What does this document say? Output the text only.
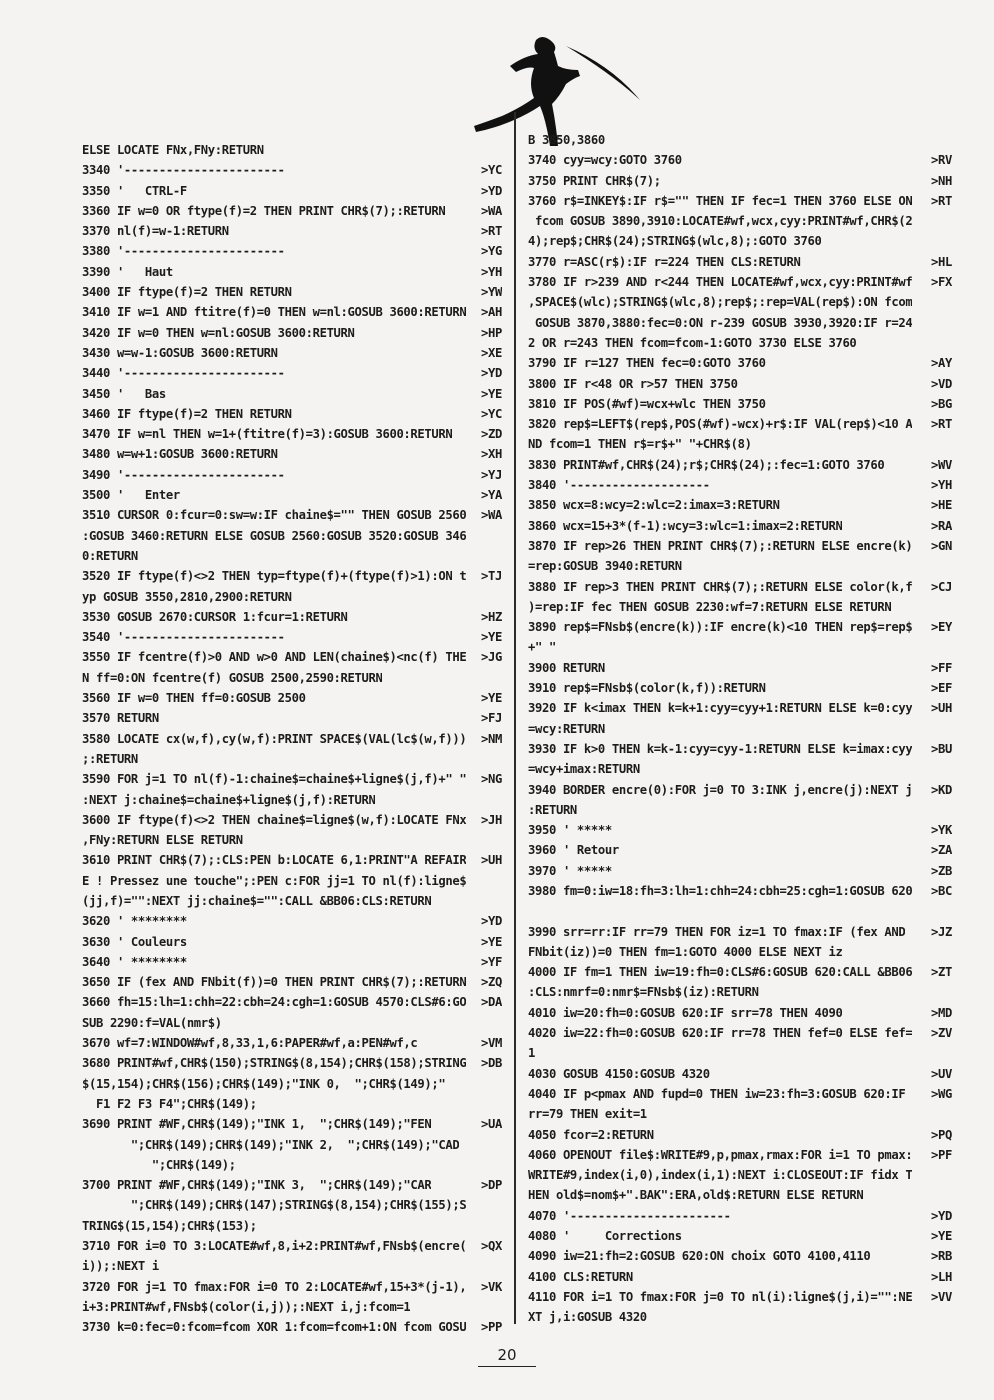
ELSE LOCATE FNx,FNy:RETURN
3340 '-----------------------	>YC
3350 '   CTRL-F	>YD
3360 IF w=0 OR ftype(f)=2 THEN PRINT CHR$(7);:RETURN	>WA
3370 nl(f)=w-1:RETURN	>RT
3380 '-----------------------	>YG
3390 '   Haut	>YH
3400 IF ftype(f)=2 THEN RETURN	>YW
3410 IF w=1 AND ftitre(f)=0 THEN w=nl:GOSUB 3600:RETURN >AH
3420 IF w=0 THEN w=nl:GOSUB 3600:RETURN	>HP
3430 w=w-1:GOSUB 3600:RETURN	>XE
3440 '-----------------------	>YD
3450 '   Bas	>YE
3460 IF ftype(f)=2 THEN RETURN	>YC
3470 IF w=nl THEN w=1+(ftitre(f)=3):GOSUB 3600:RETURN >ZD
3480 w=w+1:GOSUB 3600:RETURN	>XH
3490 '-----------------------	>YJ
3500 '   Enter	>YA
3510 CURSOR 0:fcur=0:sw=w:IF chaine$="" THEN GOSUB 2560 >WA
:GOSUB 3460:RETURN ELSE GOSUB 2560:GOSUB 3520:GOSUB 346
0:RETURN
3520 IF ftype(f)<>2 THEN typ=ftype(f)+(ftype(f)>1):ON t >TJ
yp GOSUB 3550,2810,2900:RETURN
3530 GOSUB 2670:CURSOR 1:fcur=1:RETURN	>HZ
3540 '-----------------------	>YE
3550 IF fcentre(f)>0 AND w>0 AND LEN(chaine$)<nc(f) THE >JG
N ff=0:ON fcentre(f) GOSUB 2500,2590:RETURN
3560 IF w=0 THEN ff=0:GOSUB 2500	>YE
3570 RETURN	>FJ
3580 LOCATE cx(w,f),cy(w,f):PRINT SPACE$(VAL(lc$(w,f))) >NM
;:RETURN
3590 FOR j=1 TO nl(f)-1:chaine$=chaine$+ligne$(j,f)+" " >NG
:NEXT j:chaine$=chaine$+ligne$(j,f):RETURN
3600 IF ftype(f)<>2 THEN chaine$=ligne$(w,f):LOCATE FNx >JH
,FNy:RETURN ELSE RETURN
3610 PRINT CHR$(7);:CLS:PEN b:LOCATE 6,1:PRINT"A REFAIR >UH
E ! Pressez une touche";:PEN c:FOR jj=1 TO nl(f):ligne$
(jj,f)="":NEXT jj:chaine$="":CALL &BB06:CLS:RETURN
3620 ' ********	>YD
3630 ' Couleurs	>YE
3640 ' ********	>YF
3650 IF (fex AND FNbit(f))=0 THEN PRINT CHR$(7);:RETURN >ZQ
3660 fh=15:lh=1:chh=22:cbh=24:cgh=1:GOSUB 4570:CLS#6:GO >DA
SUB 2290:f=VAL(nmr$)
3670 wf=7:WINDOW#wf,8,33,1,6:PAPER#wf,a:PEN#wf,c	>VM
3680 PRINT#wf,CHR$(150);STRING$(8,154);CHR$(158);STRING >DB
$(15,154);CHR$(156);CHR$(149);"INK 0,  ";CHR$(149);"
F1 F2 F3 F4";CHR$(149);
3690 PRINT #WF,CHR$(149);"INK 1,  ";CHR$(149);"FEN	>UA
";CHR$(149);CHR$(149);"INK 2,  ";CHR$(149);"CAD
";CHR$(149);
3700 PRINT #WF,CHR$(149);"INK 3,  ";CHR$(149);"CAR	>DP
";CHR$(149);CHR$(147);STRING$(8,154);CHR$(155);S
TRING$(15,154);CHR$(153);
3710 FOR i=0 TO 3:LOCATE#wf,8,i+2:PRINT#wf,FNsb$(encre( >QX
i));:NEXT i
3720 FOR j=1 TO fmax:FOR i=0 TO 2:LOCATE#wf,15+3*(j-1), >VK
i+3:PRINT#wf,FNsb$(color(i,j));:NEXT i,j:fcom=1
3730 k=0:fec=0:fcom=fcom XOR 1:fcom=fcom+1:ON fcom GOSU >PP
B 3850,3860
3740 cyy=wcy:GOTO 3760	>RV
3750 PRINT CHR$(7);	>NH
3760 r$=INKEY$:IF r$="" THEN IF fec=1 THEN 3760 ELSE ON >RT
fcom GOSUB 3890,3910:LOCATE#wf,wcx,cyy:PRINT#wf,CHR$(2
4);rep$;CHR$(24);STRING$(wlc,8);:GOTO 3760
3770 r=ASC(r$):IF r=224 THEN CLS:RETURN	>HL
3780 IF r>239 AND r<244 THEN LOCATE#wf,wcx,cyy:PRINT#wf >FX
,SPACE$(wlc);STRING$(wlc,8);rep$;:rep=VAL(rep$):ON fcom
GOSUB 3870,3880:fec=0:ON r-239 GOSUB 3930,3920:IF r=24
2 OR r=243 THEN fcom=fcom-1:GOTO 3730 ELSE 3760
3790 IF r=127 THEN fec=0:GOTO 3760	>AY
3800 IF r<48 OR r>57 THEN 3750	>VD
3810 IF POS(#wf)=wcx+wlc THEN 3750	>BG
3820 rep$=LEFT$(rep$,POS(#wf)-wcx)+r$:IF VAL(rep$)<10 A >RT
ND fcom=1 THEN r$=r$+" "+CHR$(8)
3830 PRINT#wf,CHR$(24);r$;CHR$(24);:fec=1:GOTO 3760	>WV
3840 '--------------------	>YH
3850 wcx=8:wcy=2:wlc=2:imax=3:RETURN	>HE
3860 wcx=15+3*(f-1):wcy=3:wlc=1:imax=2:RETURN	>RA
3870 IF rep>26 THEN PRINT CHR$(7);:RETURN ELSE encre(k) >GN
=rep:GOSUB 3940:RETURN
3880 IF rep>3 THEN PRINT CHR$(7);:RETURN ELSE color(k,f >CJ
)=rep:IF fec THEN GOSUB 2230:wf=7:RETURN ELSE RETURN
3890 rep$=FNsb$(encre(k)):IF encre(k)<10 THEN rep$=rep$ >EY
+" "
3900 RETURN	>FF
3910 rep$=FNsb$(color(k,f)):RETURN	>EF
3920 IF k<imax THEN k=k+1:cyy=cyy+1:RETURN ELSE k=0:cyy >UH
=wcy:RETURN
3930 IF k>0 THEN k=k-1:cyy=cyy-1:RETURN ELSE k=imax:cyy >BU
=wcy+imax:RETURN
3940 BORDER encre(0):FOR j=0 TO 3:INK j,encre(j):NEXT j >KD
:RETURN
3950 ' *****	>YK
3960 ' Retour	>ZA
3970 ' *****	>ZB
3980 fm=0:iw=18:fh=3:lh=1:chh=24:cbh=25:cgh=1:GOSUB 620 >BC
3990 srr=rr:IF rr=79 THEN FOR iz=1 TO fmax:IF (fex AND >JZ
FNbit(iz))=0 THEN fm=1:GOTO 4000 ELSE NEXT iz
4000 IF fm=1 THEN iw=19:fh=0:CLS#6:GOSUB 620:CALL &BB06 >ZT
:CLS:nmrf=0:nmr$=FNsb$(iz):RETURN
4010 iw=20:fh=0:GOSUB 620:IF srr=78 THEN 4090	>MD
4020 iw=22:fh=0:GOSUB 620:IF rr=78 THEN fef=0 ELSE fef= >ZV
1
4030 GOSUB 4150:GOSUB 4320	>UV
4040 IF p<pmax AND fupd=0 THEN iw=23:fh=3:GOSUB 620:IF >WG
rr=79 THEN exit=1
4050 fcor=2:RETURN	>PQ
4060 OPENOUT file$:WRITE#9,p,pmax,rmax:FOR i=1 TO pmax: >PF
WRITE#9,index(i,0),index(i,1):NEXT i:CLOSEOUT:IF fidx T
HEN old$=nom$+".BAK":ERA,old$:RETURN ELSE RETURN
4070 '-----------------------	>YD
4080 '     Corrections	>YE
4090 iw=21:fh=2:GOSUB 620:ON choix GOTO 4100,4110	>RB
4100 CLS:RETURN	>LH
4110 FOR i=1 TO fmax:FOR j=0 TO nl(i):ligne$(j,i)="":NE >VV
XT j,i:GOSUB 4320
20
